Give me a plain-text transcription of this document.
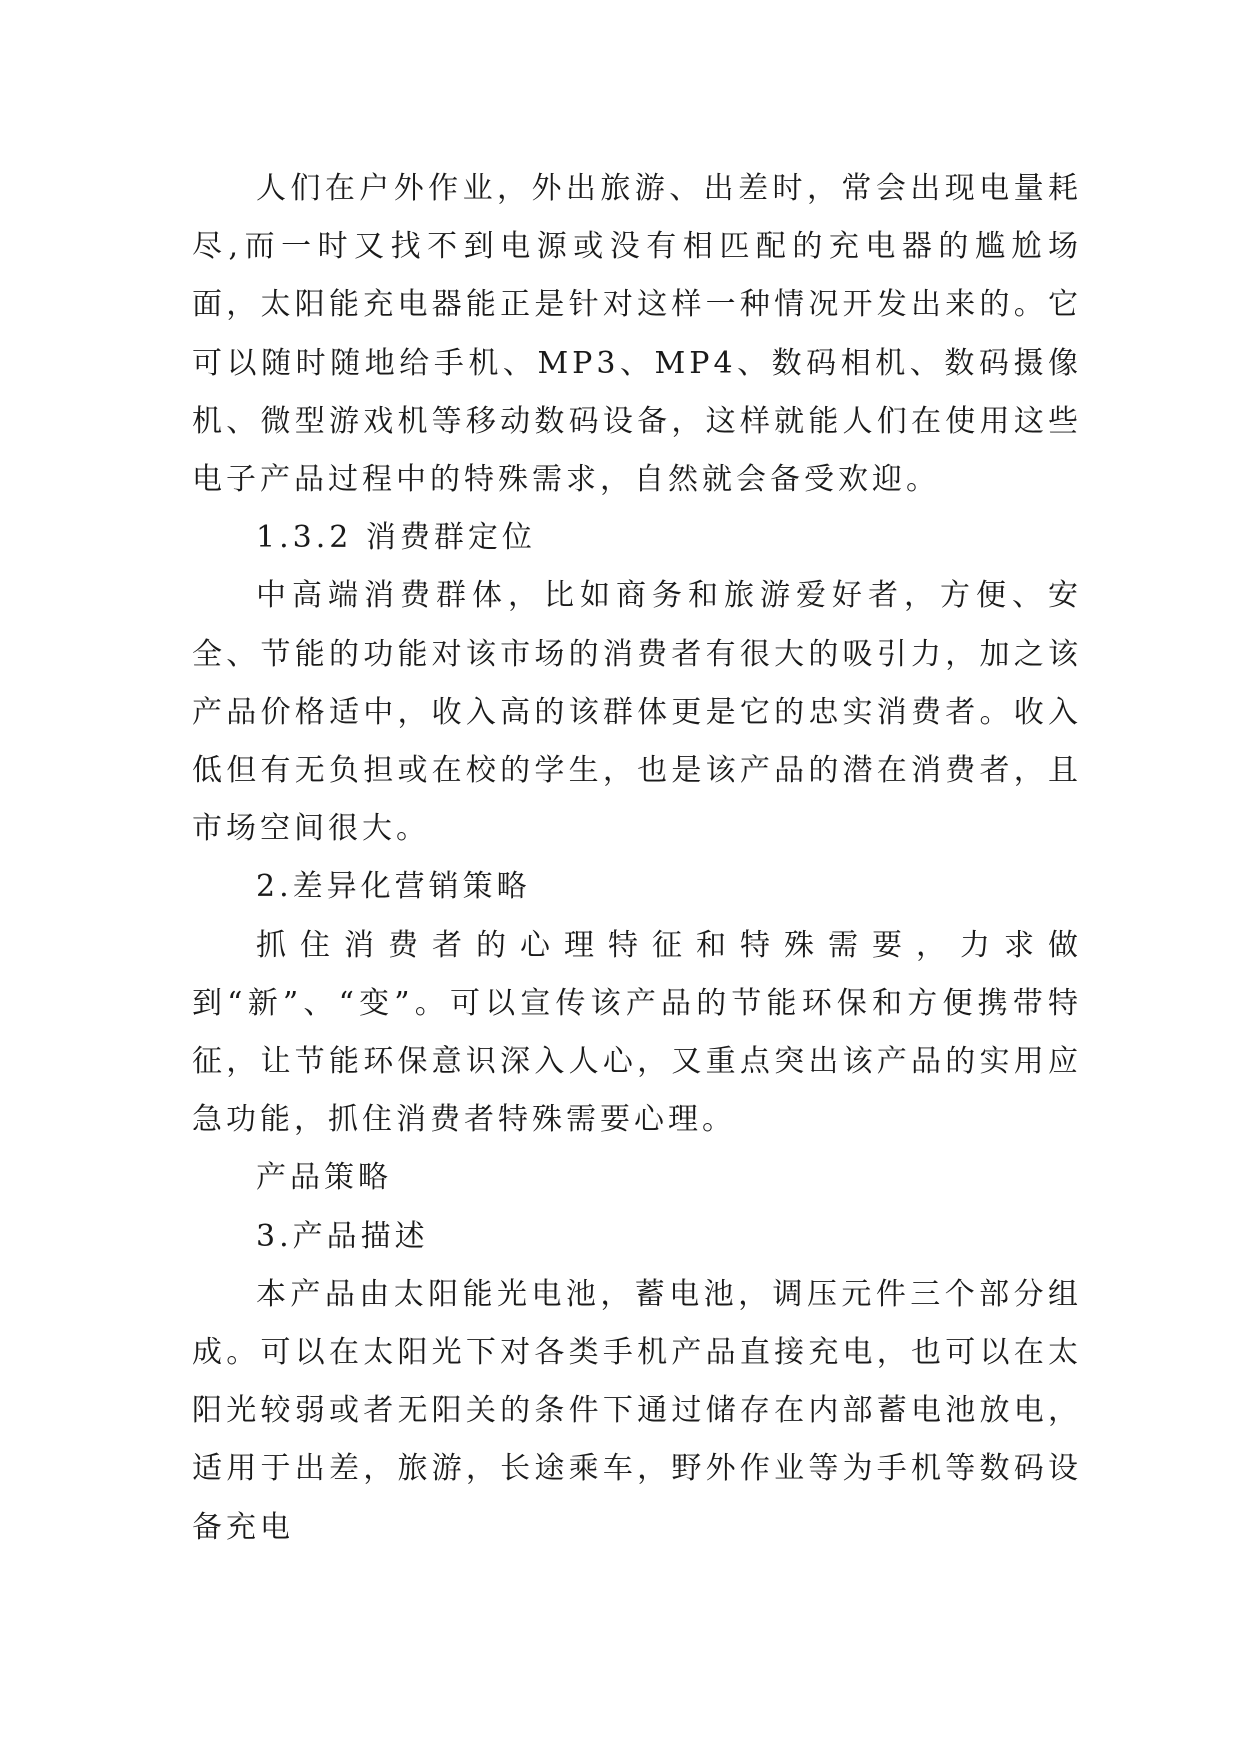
人们在户外作业，外出旅游、出差时，常会出现电量耗尽,而一时又找不到电源或没有相匹配的充电器的尴尬场面，太阳能充电器能正是针对这样一种情况开发出来的。它可以随时随地给手机、MP3、MP4、数码相机、数码摄像机、微型游戏机等移动数码设备，这样就能人们在使用这些电子产品过程中的特殊需求，自然就会备受欢迎。

1.3.2 消费群定位

中高端消费群体，比如商务和旅游爱好者，方便、安全、节能的功能对该市场的消费者有很大的吸引力，加之该产品价格适中，收入高的该群体更是它的忠实消费者。收入低但有无负担或在校的学生，也是该产品的潜在消费者，且市场空间很大。

2.差异化营销策略

抓住消费者的心理特征和特殊需要，力求做到“新”、“变”。可以宣传该产品的节能环保和方便携带特征，让节能环保意识深入人心，又重点突出该产品的实用应急功能，抓住消费者特殊需要心理。

产品策略

3.产品描述

本产品由太阳能光电池，蓄电池，调压元件三个部分组成。可以在太阳光下对各类手机产品直接充电，也可以在太阳光较弱或者无阳关的条件下通过储存在内部蓄电池放电，适用于出差，旅游，长途乘车，野外作业等为手机等数码设备充电
